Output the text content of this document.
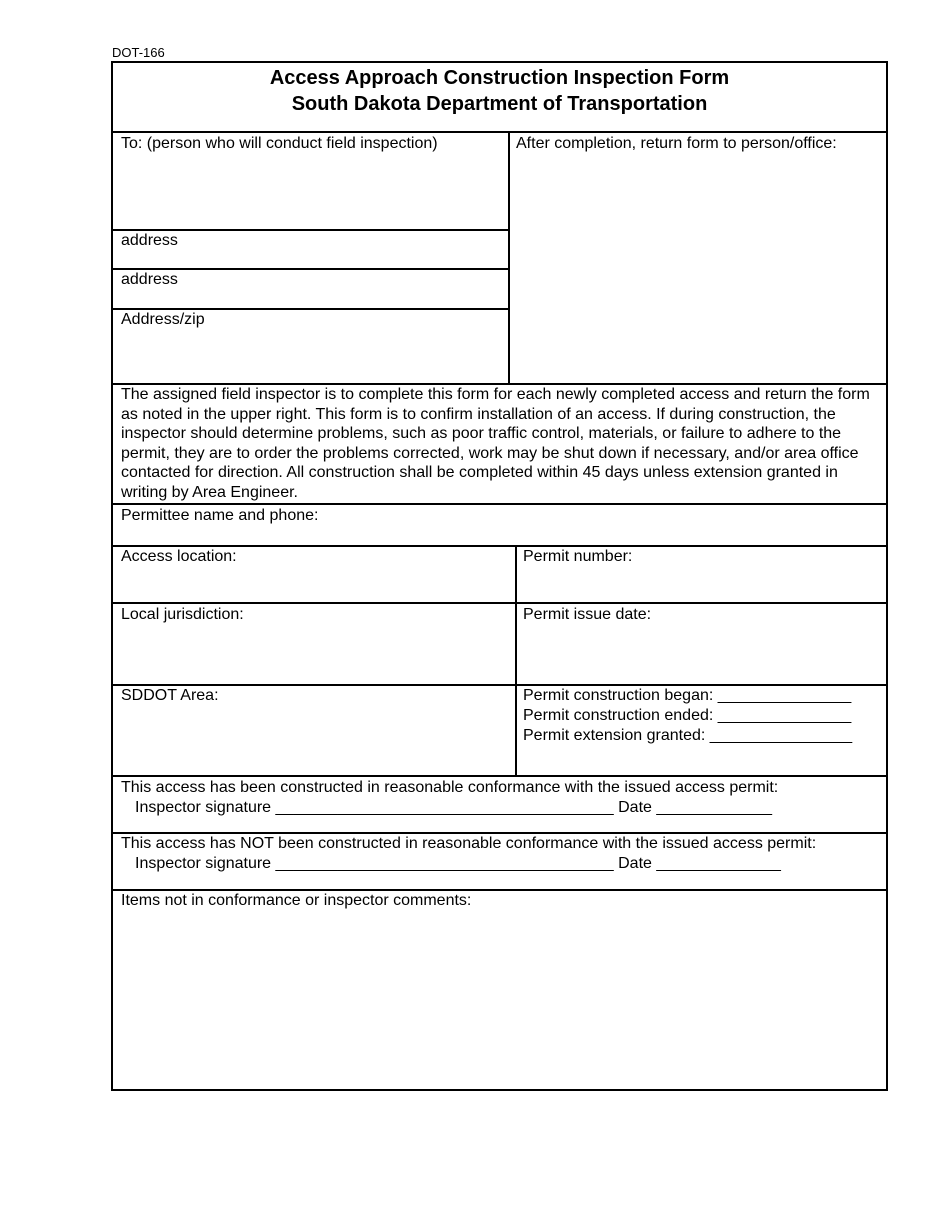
DOT-166
Access Approach Construction Inspection Form
South Dakota Department of Transportation
To: (person who will conduct field inspection)
address
address
Address/zip
After completion, return form to person/office:
The assigned field inspector is to complete this form for each newly completed access and return the form as noted in the upper right. This form is to confirm installation of an access. If during construction, the inspector should determine problems, such as poor traffic control, materials, or failure to adhere to the permit, they are to order the problems corrected, work may be shut down if necessary, and/or area office contacted for direction. All construction shall be completed within 45 days unless extension granted in writing by Area Engineer.
Permittee name and phone:
Access location:	Permit number:
Local jurisdiction:	Permit issue date:
SDDOT Area:	Permit construction began: _______________
Permit construction ended: _______________
Permit extension granted: ________________
This access has been constructed in reasonable conformance with the issued access permit:
Inspector signature ______________________________________ Date _____________
This access has NOT been constructed in reasonable conformance with the issued access permit:
Inspector signature ______________________________________ Date ______________
Items not in conformance or inspector comments:
